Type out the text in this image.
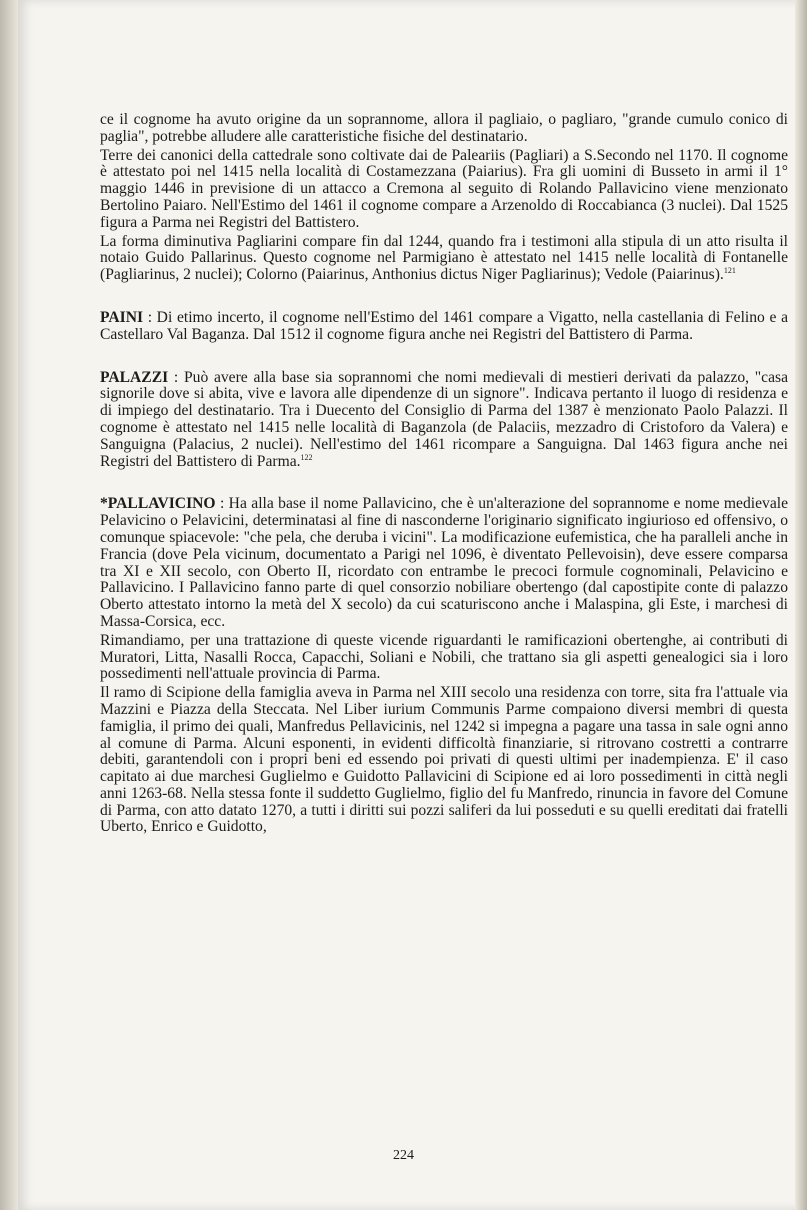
ce il cognome ha avuto origine da un soprannome, allora il pagliaio, o pagliaro, "grande cumulo conico di paglia", potrebbe alludere alle caratteristiche fisiche del destinatario.

Terre dei canonici della cattedrale sono coltivate dai de Paleariis (Pagliari) a S.Secondo nel 1170. Il cognome è attestato poi nel 1415 nella località di Costamezzana (Paiarius). Fra gli uomini di Busseto in armi il 1° maggio 1446 in previsione di un attacco a Cremona al seguito di Rolando Pallavicino viene menzionato Bertolino Paiaro. Nell'Estimo del 1461 il cognome compare a Arzenoldo di Roccabianca (3 nuclei). Dal 1525 figura a Parma nei Registri del Battistero.

La forma diminutiva Pagliarini compare fin dal 1244, quando fra i testimoni alla stipula di un atto risulta il notaio Guido Pallarinus. Questo cognome nel Parmigiano è attestato nel 1415 nelle località di Fontanelle (Pagliarinus, 2 nuclei); Colorno (Paiarinus, Anthonius dictus Niger Pagliarinus); Vedole (Paiarinus).$^{121}$

PAINI : Di etimo incerto, il cognome nell'Estimo del 1461 compare a Vigatto, nella castellania di Felino e a Castellaro Val Baganza. Dal 1512 il cognome figura anche nei Registri del Battistero di Parma.

PALAZZI : Può avere alla base sia soprannomi che nomi medievali di mestieri derivati da palazzo, "casa signorile dove si abita, vive e lavora alle dipendenze di un signore". Indicava pertanto il luogo di residenza e di impiego del destinatario. Tra i Duecento del Consiglio di Parma del 1387 è menzionato Paolo Palazzi. Il cognome è attestato nel 1415 nelle località di Baganzola (de Palaciis, mezzadro di Cristoforo da Valera) e Sanguigna (Palacius, 2 nuclei). Nell'estimo del 1461 ricompare a Sanguigna. Dal 1463 figura anche nei Registri del Battistero di Parma.$^{122}$

*PALLAVICINO : Ha alla base il nome Pallavicino, che è un'alterazione del soprannome e nome medievale Pelavicino o Pelavicini, determinatasi al fine di nasconderne l'originario significato ingiurioso ed offensivo, o comunque spiacevole: "che pela, che deruba i vicini". La modificazione eufemistica, che ha paralleli anche in Francia (dove Pela vicinum, documentato a Parigi nel 1096, è diventato Pellevoisin), deve essere comparsa tra XI e XII secolo, con Oberto II, ricordato con entrambe le precoci formule cognominali, Pelavicino e Pallavicino. I Pallavicino fanno parte di quel consorzio nobiliare obertengo (dal capostipite conte di palazzo Oberto attestato intorno la metà del X secolo) da cui scaturiscono anche i Malaspina, gli Este, i marchesi di Massa-Corsica, ecc.

Rimandiamo, per una trattazione di queste vicende riguardanti le ramificazioni obertenghe, ai contributi di Muratori, Litta, Nasalli Rocca, Capacchi, Soliani e Nobili, che trattano sia gli aspetti genealogici sia i loro possedimenti nell'attuale provincia di Parma.

Il ramo di Scipione della famiglia aveva in Parma nel XIII secolo una residenza con torre, sita fra l'attuale via Mazzini e Piazza della Steccata. Nel Liber iurium Communis Parme compaiono diversi membri di questa famiglia, il primo dei quali, Manfredus Pellavicinis, nel 1242 si impegna a pagare una tassa in sale ogni anno al comune di Parma. Alcuni esponenti, in evidenti difficoltà finanziarie, si ritrovano costretti a contrarre debiti, garantendoli con i propri beni ed essendo poi privati di questi ultimi per inadempienza. E' il caso capitato ai due marchesi Guglielmo e Guidotto Pallavicini di Scipione ed ai loro possedimenti in città negli anni 1263-68. Nella stessa fonte il suddetto Guglielmo, figlio del fu Manfredo, rinuncia in favore del Comune di Parma, con atto datato 1270, a tutti i diritti sui pozzi saliferi da lui posseduti e su quelli ereditati dai fratelli Uberto, Enrico e Guidotto,

224
